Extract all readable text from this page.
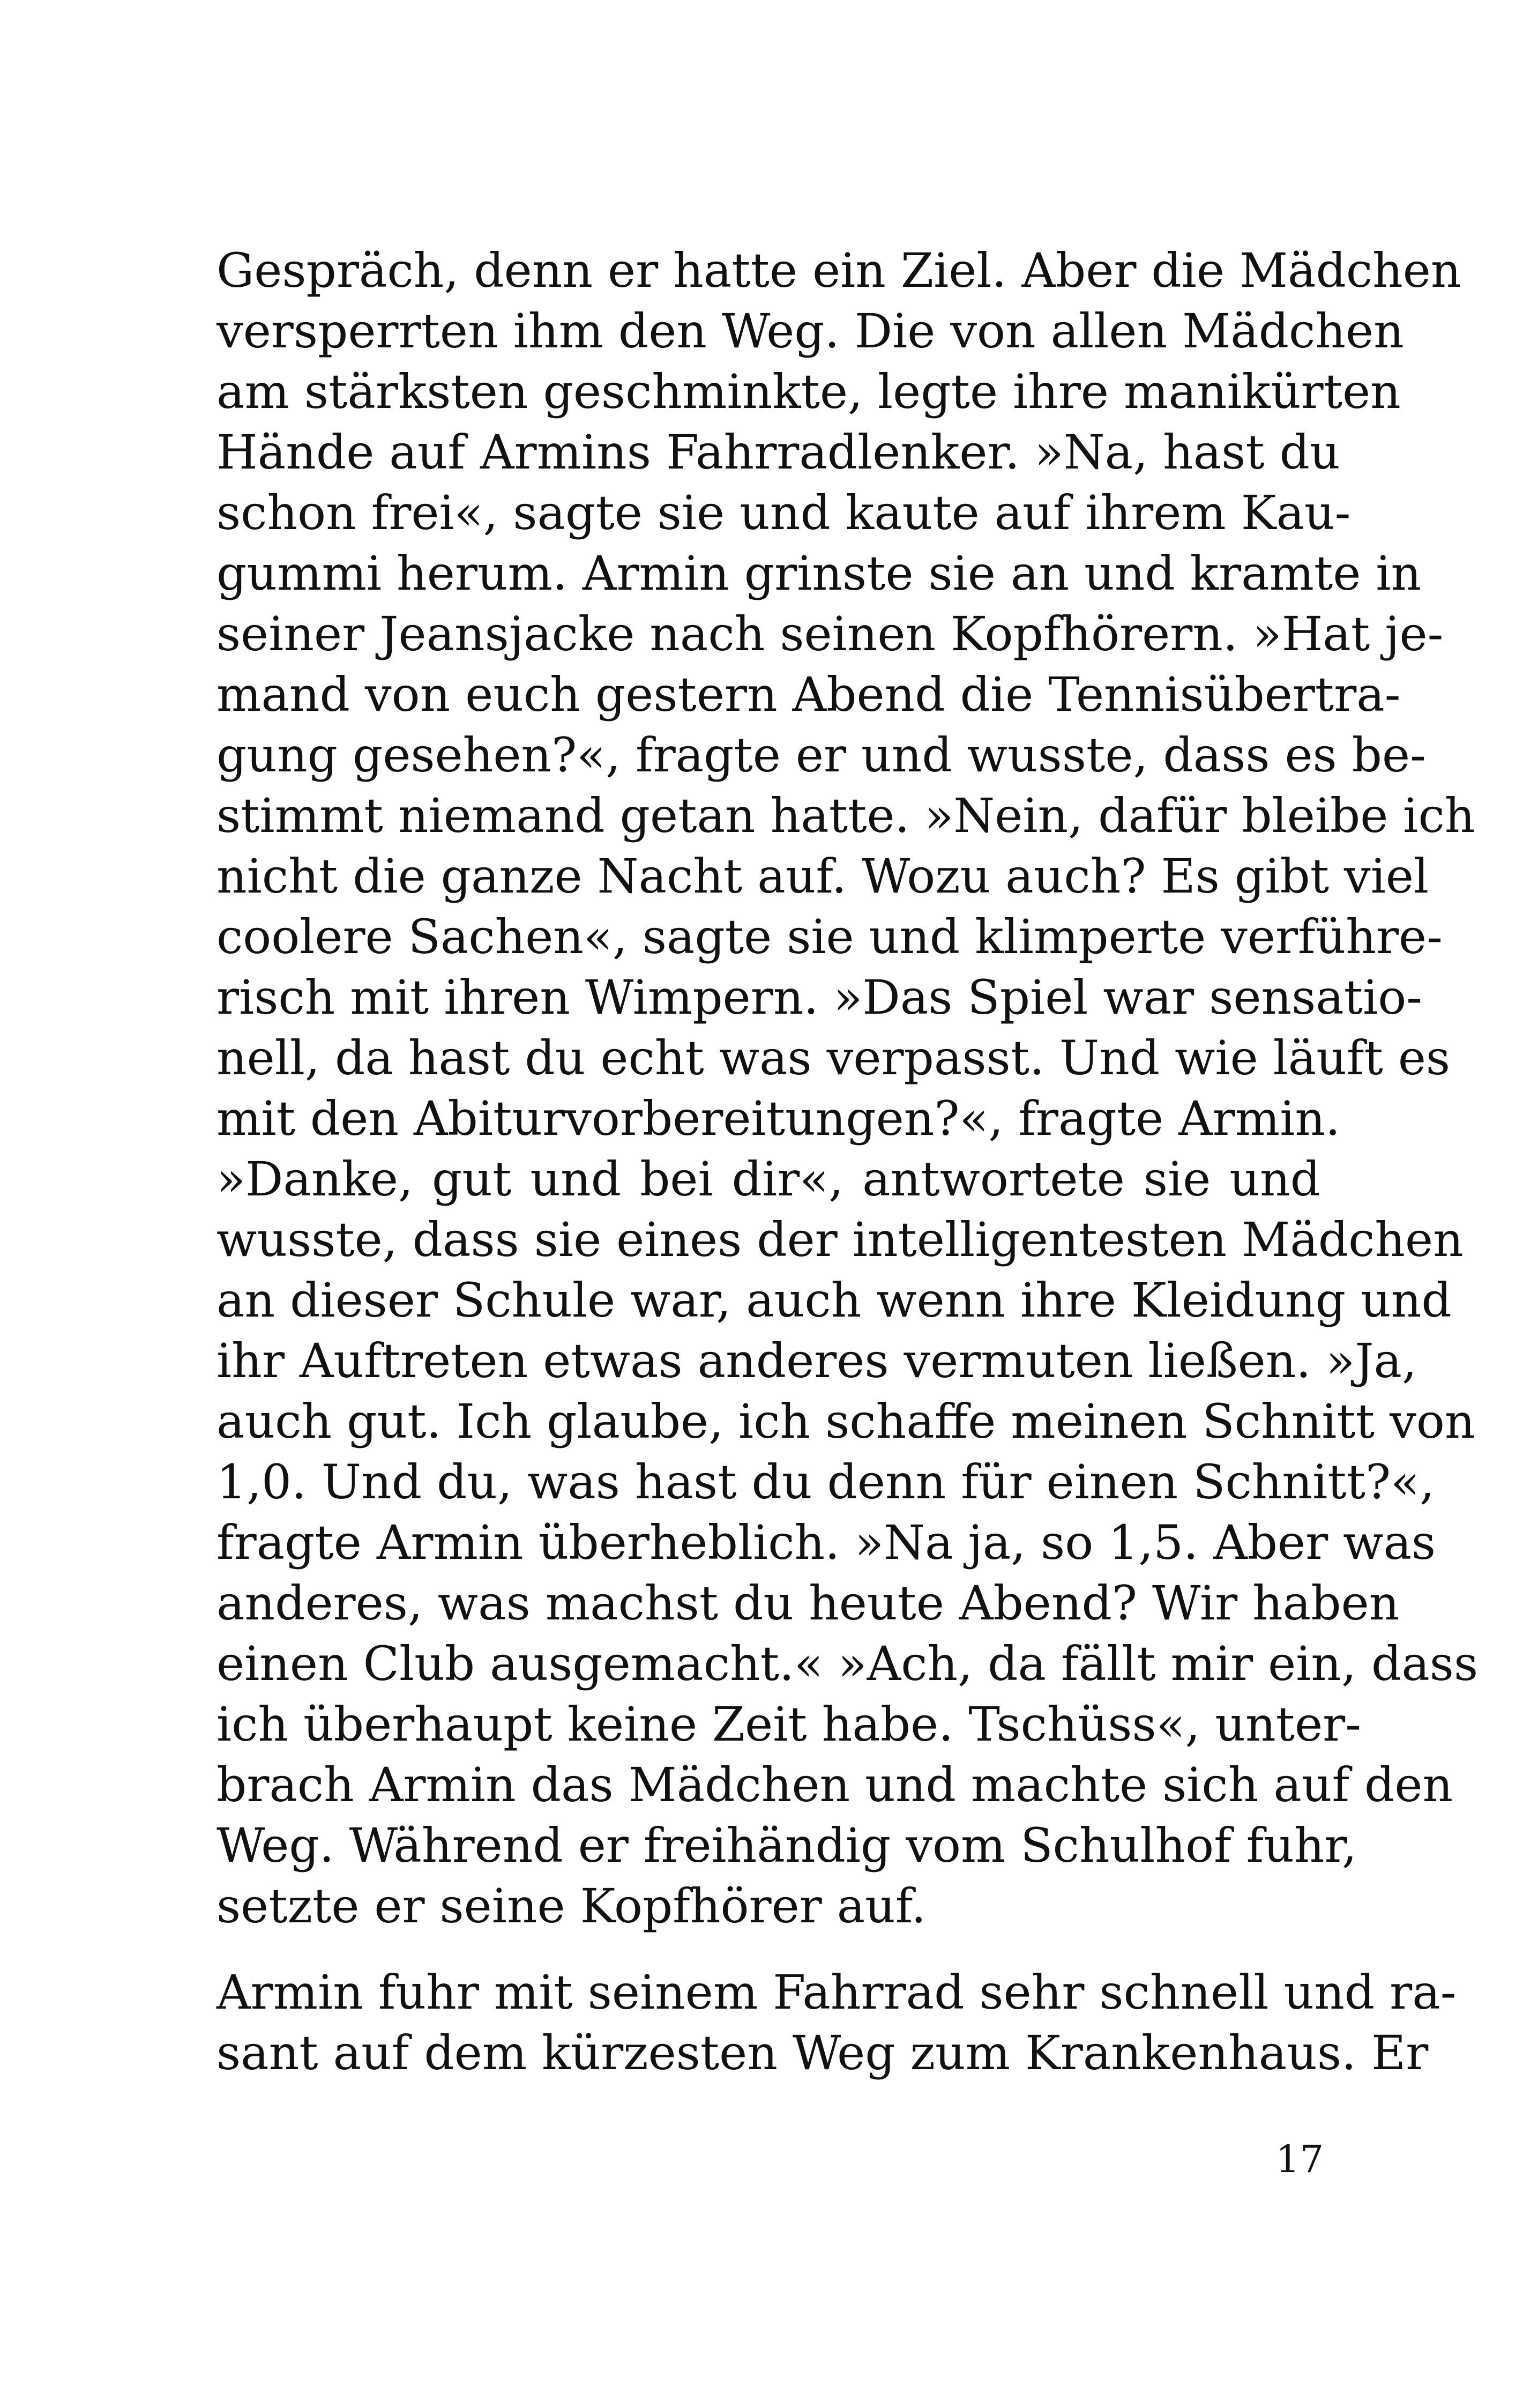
Gespräch, denn er hatte ein Ziel. Aber die Mädchen
versperrten ihm den Weg. Die von allen Mädchen
am stärksten geschminkte, legte ihre manikürten
Hände auf Armins Fahrradlenker. »Na, hast du
schon frei«, sagte sie und kaute auf ihrem Kau-
gummi herum. Armin grinste sie an und kramte in
seiner Jeansjacke nach seinen Kopfhörern. »Hat je-
mand von euch gestern Abend die Tennisübertra-
gung gesehen?«, fragte er und wusste, dass es be-
stimmt niemand getan hatte. »Nein, dafür bleibe ich
nicht die ganze Nacht auf. Wozu auch? Es gibt viel
coolere Sachen«, sagte sie und klimperte verführe-
risch mit ihren Wimpern. »Das Spiel war sensatio-
nell, da hast du echt was verpasst. Und wie läuft es
mit den Abiturvorbereitungen?«, fragte Armin.
»Danke, gut und bei dir«, antwortete sie und
wusste, dass sie eines der intelligentesten Mädchen
an dieser Schule war, auch wenn ihre Kleidung und
ihr Auftreten etwas anderes vermuten ließen. »Ja,
auch gut. Ich glaube, ich schaffe meinen Schnitt von
1,0. Und du, was hast du denn für einen Schnitt?«,
fragte Armin überheblich. »Na ja, so 1,5. Aber was
anderes, was machst du heute Abend? Wir haben
einen Club ausgemacht.« »Ach, da fällt mir ein, dass
ich überhaupt keine Zeit habe. Tschüss«, unter-
brach Armin das Mädchen und machte sich auf den
Weg. Während er freihändig vom Schulhof fuhr,
setzte er seine Kopfhörer auf.
Armin fuhr mit seinem Fahrrad sehr schnell und ra-
sant auf dem kürzesten Weg zum Krankenhaus. Er
17
